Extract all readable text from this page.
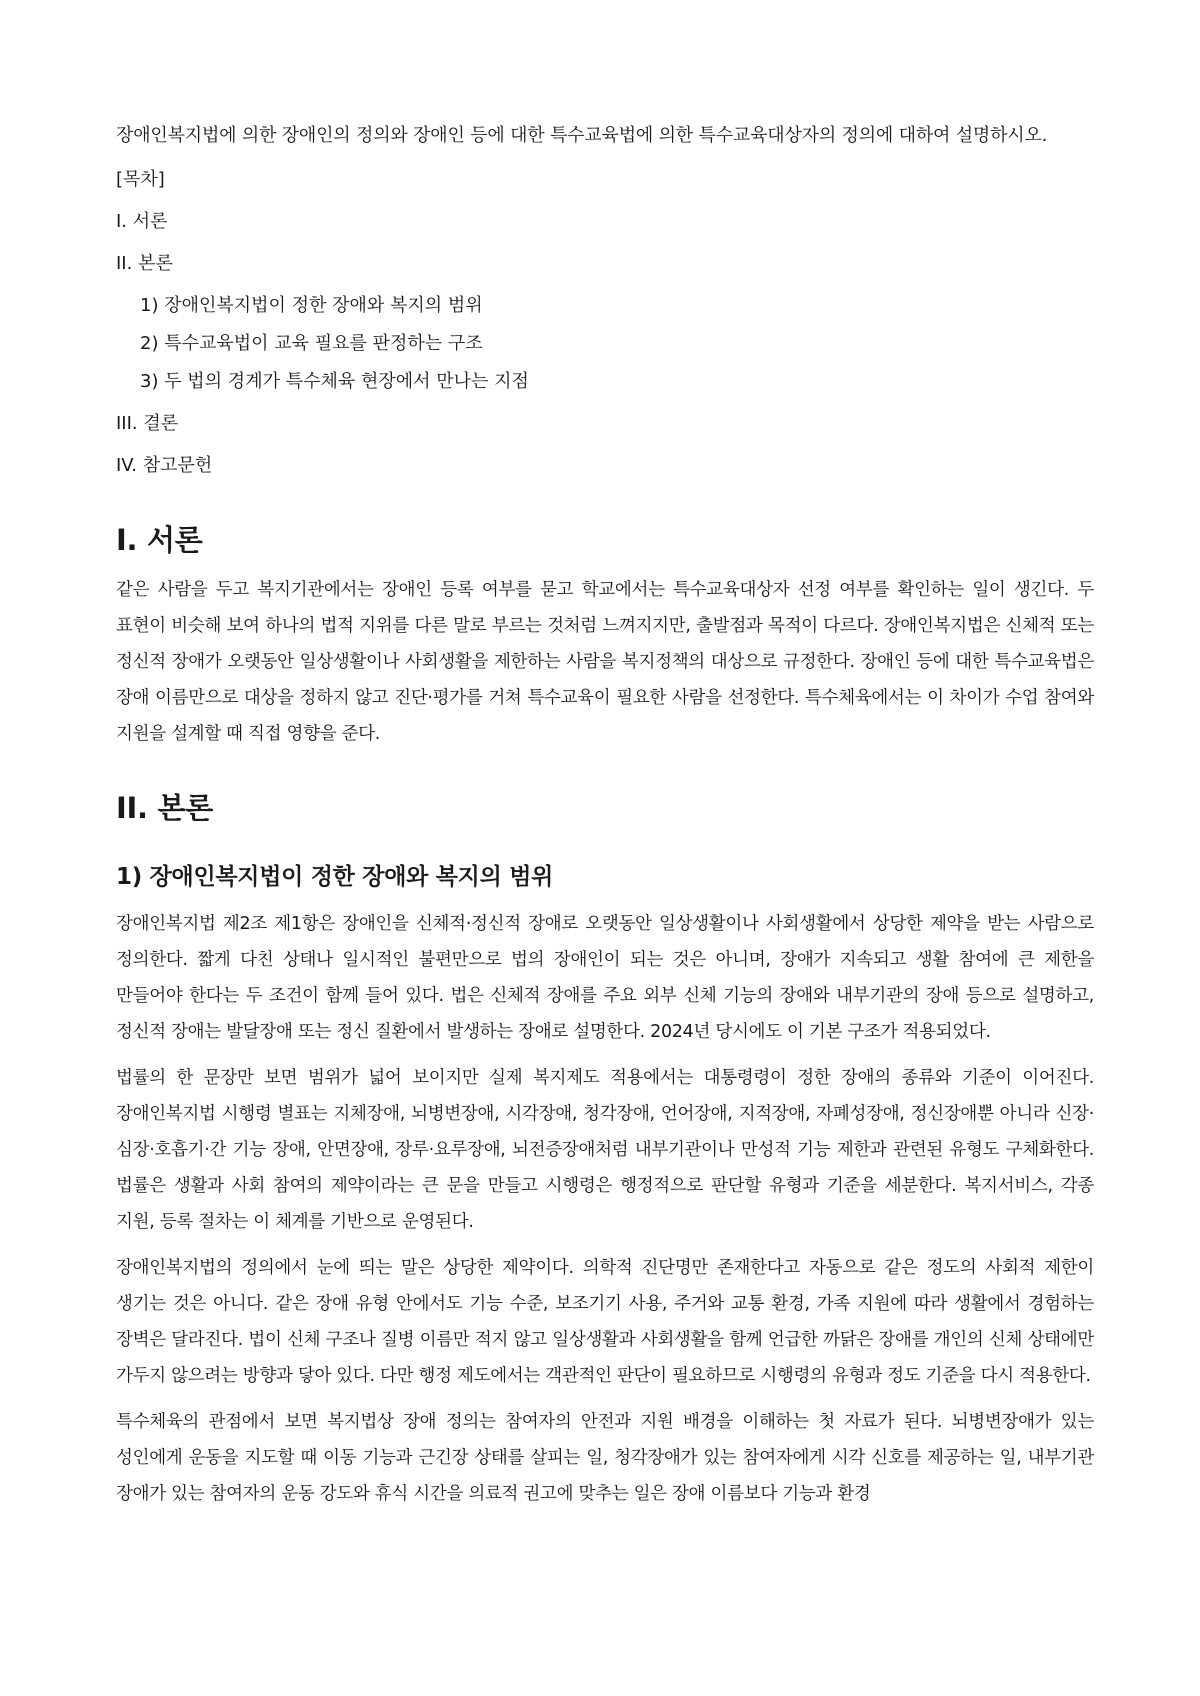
장애인복지법에 의한 장애인의 정의와 장애인 등에 대한 특수교육법에 의한 특수교육대상자의 정의에 대하여 설명하시오.

[목차]
I. 서론
II. 본론
1) 장애인복지법이 정한 장애와 복지의 범위
2) 특수교육법이 교육 필요를 판정하는 구조
3) 두 법의 경계가 특수체육 현장에서 만나는 지점
III. 결론
IV. 참고문헌
I. 서론

같은 사람을 두고 복지기관에서는 장애인 등록 여부를 묻고 학교에서는 특수교육대상자 선정 여부를 확인하는 일이 생긴다. 두 표현이 비슷해 보여 하나의 법적 지위를 다른 말로 부르는 것처럼 느껴지지만, 출발점과 목적이 다르다. 장애인복지법은 신체적 또는 정신적 장애가 오랫동안 일상생활이나 사회생활을 제한하는 사람을 복지정책의 대상으로 규정한다. 장애인 등에 대한 특수교육법은 장애 이름만으로 대상을 정하지 않고 진단·평가를 거쳐 특수교육이 필요한 사람을 선정한다. 특수체육에서는 이 차이가 수업 참여와 지원을 설계할 때 직접 영향을 준다.

II. 본론
1) 장애인복지법이 정한 장애와 복지의 범위

장애인복지법 제2조 제1항은 장애인을 신체적·정신적 장애로 오랫동안 일상생활이나 사회생활에서 상당한 제약을 받는 사람으로 정의한다. 짧게 다친 상태나 일시적인 불편만으로 법의 장애인이 되는 것은 아니며, 장애가 지속되고 생활 참여에 큰 제한을 만들어야 한다는 두 조건이 함께 들어 있다. 법은 신체적 장애를 주요 외부 신체 기능의 장애와 내부기관의 장애 등으로 설명하고, 정신적 장애는 발달장애 또는 정신 질환에서 발생하는 장애로 설명한다. 2024년 당시에도 이 기본 구조가 적용되었다.

법률의 한 문장만 보면 범위가 넓어 보이지만 실제 복지제도 적용에서는 대통령령이 정한 장애의 종류와 기준이 이어진다. 장애인복지법 시행령 별표는 지체장애, 뇌병변장애, 시각장애, 청각장애, 언어장애, 지적장애, 자폐성장애, 정신장애뿐 아니라 신장·심장·호흡기·간 기능 장애, 안면장애, 장루·요루장애, 뇌전증장애처럼 내부기관이나 만성적 기능 제한과 관련된 유형도 구체화한다. 법률은 생활과 사회 참여의 제약이라는 큰 문을 만들고 시행령은 행정적으로 판단할 유형과 기준을 세분한다. 복지서비스, 각종 지원, 등록 절차는 이 체계를 기반으로 운영된다.

장애인복지법의 정의에서 눈에 띄는 말은 상당한 제약이다. 의학적 진단명만 존재한다고 자동으로 같은 정도의 사회적 제한이 생기는 것은 아니다. 같은 장애 유형 안에서도 기능 수준, 보조기기 사용, 주거와 교통 환경, 가족 지원에 따라 생활에서 경험하는 장벽은 달라진다. 법이 신체 구조나 질병 이름만 적지 않고 일상생활과 사회생활을 함께 언급한 까닭은 장애를 개인의 신체 상태에만 가두지 않으려는 방향과 닿아 있다. 다만 행정 제도에서는 객관적인 판단이 필요하므로 시행령의 유형과 정도 기준을 다시 적용한다.

특수체육의 관점에서 보면 복지법상 장애 정의는 참여자의 안전과 지원 배경을 이해하는 첫 자료가 된다. 뇌병변장애가 있는 성인에게 운동을 지도할 때 이동 기능과 근긴장 상태를 살피는 일, 청각장애가 있는 참여자에게 시각 신호를 제공하는 일, 내부기관 장애가 있는 참여자의 운동 강도와 휴식 시간을 의료적 권고에 맞추는 일은 장애 이름보다 기능과 환경
